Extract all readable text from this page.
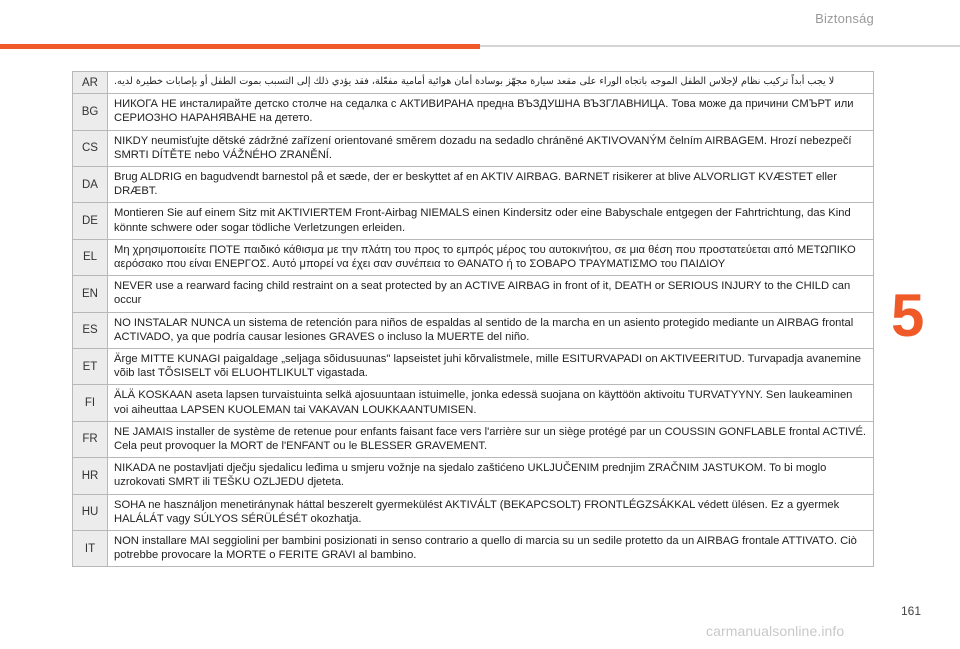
Biztonság
5
AR	لا يجب أبداً تركيب نظام لإجلاس الطفل الموجه باتجاه الوراء على مقعد سيارة مجهّز بوسادة أمان هوائية أمامية مفعّلة، فقد يؤدي ذلك إلى التسبب بموت الطفل أو بإصابات خطيرة لديه.
BG	НИКОГА НЕ инсталирайте детско столче на седалка с АКТИВИРАНА предна ВЪЗДУШНА ВЪЗГЛАВНИЦА. Това може да причини СМЪРТ или СЕРИОЗНО НАРАНЯВАНЕ на детето.
CS	NIKDY neumisťujte dětské zádržné zařízení orientované směrem dozadu na sedadlo chráněné AKTIVOVANÝM čelním AIRBAGEM. Hrozí nebezpečí SMRTI DÍTĚTE nebo VÁŽNÉHO ZRANĚNÍ.
DA	Brug ALDRIG en bagudvendt barnestol på et sæde, der er beskyttet af en AKTIV AIRBAG. BARNET risikerer at blive ALVORLIGT KVÆSTET eller DRÆBT.
DE	Montieren Sie auf einem Sitz mit AKTIVIERTEM Front-Airbag NIEMALS einen Kindersitz oder eine Babyschale entgegen der Fahrtrichtung, das Kind könnte schwere oder sogar tödliche Verletzungen erleiden.
EL	Μη χρησιμοποιείτε ΠΟΤΕ παιδικό κάθισμα με την πλάτη του προς το εμπρός μέρος του αυτοκινήτου, σε μια θέση που προστατεύεται από ΜΕΤΩΠΙΚΟ αερόσακο που είναι ΕΝΕΡΓΟΣ. Αυτό μπορεί να έχει σαν συνέπεια το ΘΑΝΑΤΟ ή το ΣΟΒΑΡΟ ΤΡΑΥΜΑΤΙΣΜΟ του ΠΑΙΔΙΟΥ
EN	NEVER use a rearward facing child restraint on a seat protected by an ACTIVE AIRBAG in front of it, DEATH or SERIOUS INJURY to the CHILD can occur
ES	NO INSTALAR NUNCA un sistema de retención para niños de espaldas al sentido de la marcha en un asiento protegido mediante un AIRBAG frontal ACTIVADO, ya que podría causar lesiones GRAVES o incluso la MUERTE del niño.
ET	Ärge MITTE KUNAGI paigaldage „seljaga sõidusuunas" lapseistet juhi kõrvalistmele, mille ESITURVAPADI on AKTIVEERITUD. Turvapadja avanemine võib last TÕSISELT või ELUOHTLIKULT vigastada.
FI	ÄLÄ KOSKAAN aseta lapsen turvaistuinta selkä ajosuuntaan istuimelle, jonka edessä suojana on käyttöön aktivoitu TURVATYYNY. Sen laukeaminen voi aiheuttaa LAPSEN KUOLEMAN tai VAKAVAN LOUKKAANTUMISEN.
FR	NE JAMAIS installer de système de retenue pour enfants faisant face vers l'arrière sur un siège protégé par un COUSSIN GONFLABLE frontal ACTIVÉ. Cela peut provoquer la MORT de l'ENFANT ou le BLESSER GRAVEMENT.
HR	NIKADA ne postavljati dječju sjedalicu leđima u smjeru vožnje na sjedalo zaštićeno UKLJUČENIM prednjim ZRAČNIM JASTUKOM. To bi moglo uzrokovati SMRT ili TEŠKU OZLJEDU djeteta.
HU	SOHA ne használjon menetiránynak háttal beszerelt gyermekülést AKTIVÁLT (BEKAPCSOLT) FRONTLÉGZSÁKKAL védett ülésen. Ez a gyermek HALÁLÁT vagy SÚLYOS SÉRÜLÉSÉT okozhatja.
IT	NON installare MAI seggiolini per bambini posizionati in senso contrario a quello di marcia su un sedile protetto da un AIRBAG frontale ATTIVATO. Ciò potrebbe provocare la MORTE o FERITE GRAVI al bambino.
161
carmanualsonline.info
